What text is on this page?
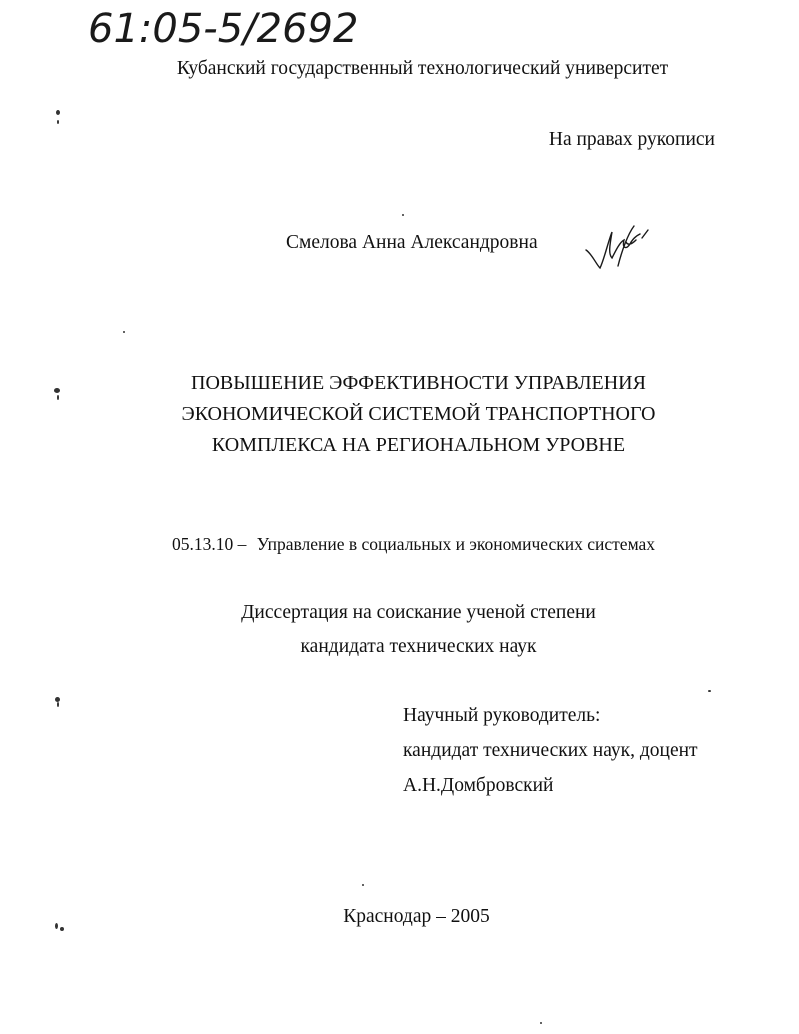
61:05-5/2692
Кубанский государственный технологический университет
На правах рукописи
Смелова Анна Александровна
ПОВЫШЕНИЕ ЭФФЕКТИВНОСТИ УПРАВЛЕНИЯ
ЭКОНОМИЧЕСКОЙ СИСТЕМОЙ ТРАНСПОРТНОГО
КОМПЛЕКСА НА РЕГИОНАЛЬНОМ УРОВНЕ
05.13.10 – Управление в социальных и экономических системах
Диссертация на соискание ученой степени
кандидата технических наук
Научный руководитель:
кандидат технических наук, доцент
А.Н.Домбровский
Краснодар – 2005
